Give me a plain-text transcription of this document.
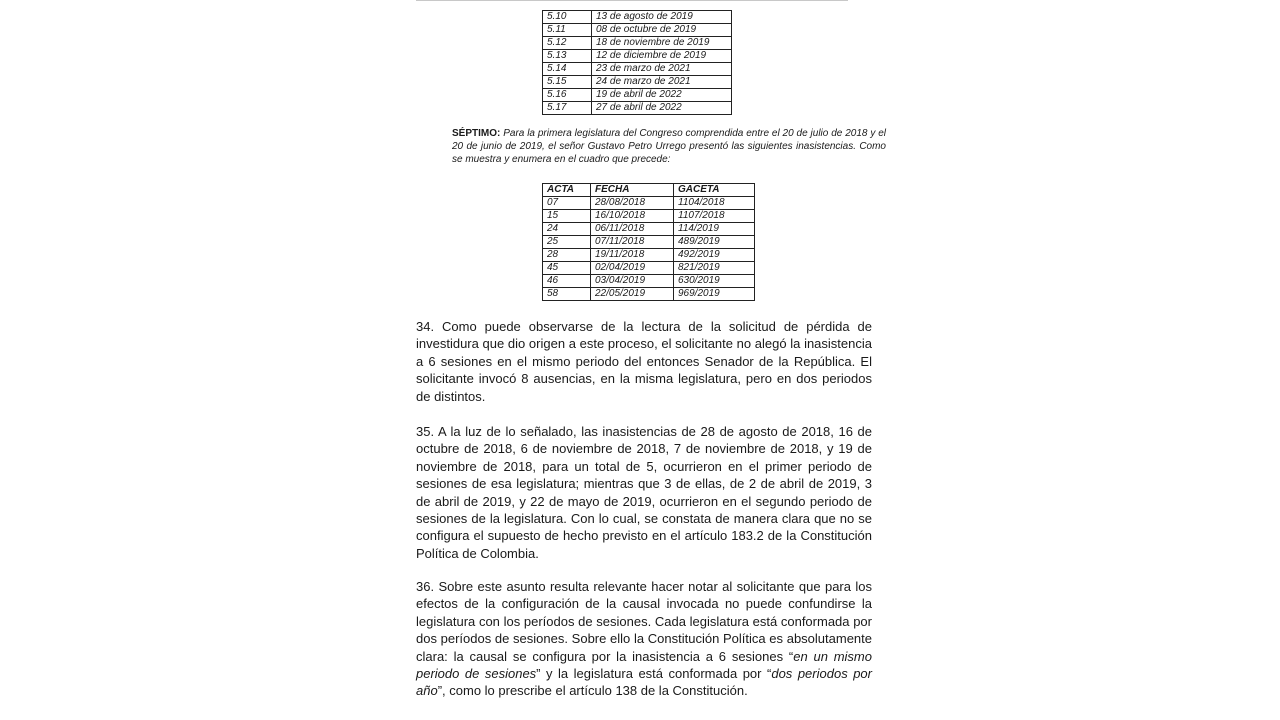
5.10	13 de agosto de 2019
5.11	08 de octubre de 2019
5.12	18 de noviembre de 2019
5.13	12 de diciembre de 2019
5.14	23 de marzo de 2021
5.15	24 de marzo de 2021
5.16	19 de abril de 2022
5.17	27 de abril de 2022

SÉPTIMO: Para la primera legislatura del Congreso comprendida entre el 20 de julio de 2018 y el 20 de junio de 2019, el señor Gustavo Petro Urrego presentó las siguientes inasistencias. Como se muestra y enumera en el cuadro que precede:

ACTA	FECHA	GACETA
07	28/08/2018	1104/2018
15	16/10/2018	1107/2018
24	06/11/2018	114/2019
25	07/11/2018	489/2019
28	19/11/2018	492/2019
45	02/04/2019	821/2019
46	03/04/2019	630/2019
58	22/05/2019	969/2019

34. Como puede observarse de la lectura de la solicitud de pérdida de investidura que dio origen a este proceso, el solicitante no alegó la inasistencia a 6 sesiones en el mismo periodo del entonces Senador de la República. El solicitante invocó 8 ausencias, en la misma legislatura, pero en dos periodos de distintos.

35. A la luz de lo señalado, las inasistencias de 28 de agosto de 2018, 16 de octubre de 2018, 6 de noviembre de 2018, 7 de noviembre de 2018, y 19 de noviembre de 2018, para un total de 5, ocurrieron en el primer periodo de sesiones de esa legislatura; mientras que 3 de ellas, de 2 de abril de 2019, 3 de abril de 2019, y 22 de mayo de 2019, ocurrieron en el segundo periodo de sesiones de la legislatura. Con lo cual, se constata de manera clara que no se configura el supuesto de hecho previsto en el artículo 183.2 de la Constitución Política de Colombia.

36. Sobre este asunto resulta relevante hacer notar al solicitante que para los efectos de la configuración de la causal invocada no puede confundirse la legislatura con los períodos de sesiones. Cada legislatura está conformada por dos períodos de sesiones. Sobre ello la Constitución Política es absolutamente clara: la causal se configura por la inasistencia a 6 sesiones “en un mismo periodo de sesiones” y la legislatura está conformada por “dos periodos por año”, como lo prescribe el artículo 138 de la Constitución.
